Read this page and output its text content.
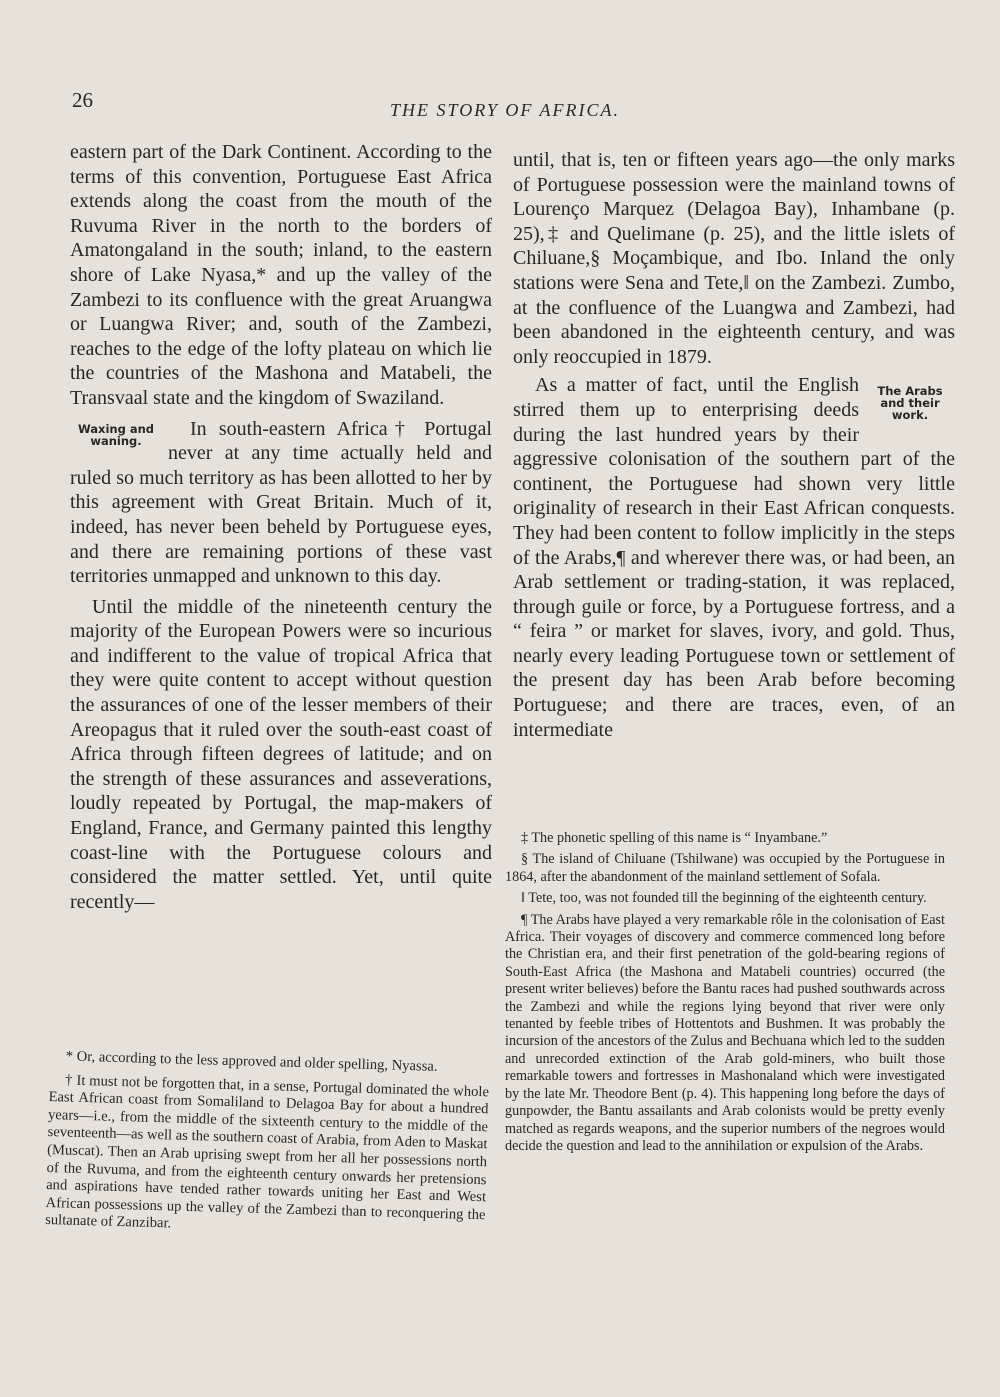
26	THE STORY OF AFRICA.

eastern part of the Dark Continent. According to the terms of this convention, Portuguese East Africa extends along the coast from the mouth of the Ruvuma River in the north to the borders of Amatongaland in the south; inland, to the eastern shore of Lake Nyasa,* and up the valley of the Zambezi to its confluence with the great Aruangwa or Luangwa River; and, south of the Zambezi, reaches to the edge of the lofty plateau on which lie the countries of the Mashona and Matabeli, the Transvaal state and the kingdom of Swaziland.

Waxing and waning.

In south-eastern Africa† Portugal never at any time actually held and ruled so much territory as has been allotted to her by this agreement with Great Britain. Much of it, indeed, has never been beheld by Portuguese eyes, and there are remaining portions of these vast territories unmapped and unknown to this day.

Until the middle of the nineteenth century the majority of the European Powers were so incurious and indifferent to the value of tropical Africa that they were quite content to accept without question the assurances of one of the lesser members of their Areopagus that it ruled over the south-east coast of Africa through fifteen degrees of latitude; and on the strength of these assurances and asseverations, loudly repeated by Portugal, the map-makers of England, France, and Germany painted this lengthy coast-line with the Portuguese colours and considered the matter settled. Yet, until quite recently—

until, that is, ten or fifteen years ago—the only marks of Portuguese possession were the mainland towns of Lourenço Marquez (Delagoa Bay), Inhambane (p. 25),‡ and Quelimane (p. 25), and the little islets of Chiluane,§ Moçambique, and Ibo. Inland the only stations were Sena and Tete,‖ on the Zambezi. Zumbo, at the confluence of the Luangwa and Zambezi, had been abandoned in the eighteenth century, and was only reoccupied in 1879.

The Arabs and their work.

As a matter of fact, until the English stirred them up to enterprising deeds during the last hundred years by their aggressive colonisation of the southern part of the continent, the Portuguese had shown very little originality of research in their East African conquests. They had been content to follow implicitly in the steps of the Arabs,¶ and wherever there was, or had been, an Arab settlement or trading-station, it was replaced, through guile or force, by a Portuguese fortress, and a “ feira ” or market for slaves, ivory, and gold. Thus, nearly every leading Portuguese town or settlement of the present day has been Arab before becoming Portuguese; and there are traces, even, of an intermediate

* Or, according to the less approved and older spelling, Nyassa.

† It must not be forgotten that, in a sense, Portugal dominated the whole East African coast from Somaliland to Delagoa Bay for about a hundred years—i.e., from the middle of the sixteenth century to the middle of the seventeenth—as well as the southern coast of Arabia, from Aden to Maskat (Muscat). Then an Arab uprising swept from her all her possessions north of the Ruvuma, and from the eighteenth century onwards her pretensions and aspirations have tended rather towards uniting her East and West African possessions up the valley of the Zambezi than to reconquering the sultanate of Zanzibar.

‡ The phonetic spelling of this name is “ Inyambane.”

§ The island of Chiluane (Tshilwane) was occupied by the Portuguese in 1864, after the abandonment of the mainland settlement of Sofala.

‖ Tete, too, was not founded till the beginning of the eighteenth century.

¶ The Arabs have played a very remarkable rôle in the colonisation of East Africa. Their voyages of discovery and commerce commenced long before the Christian era, and their first penetration of the gold-bearing regions of South-East Africa (the Mashona and Matabeli countries) occurred (the present writer believes) before the Bantu races had pushed southwards across the Zambezi and while the regions lying beyond that river were only tenanted by feeble tribes of Hottentots and Bushmen. It was probably the incursion of the ancestors of the Zulus and Bechuana which led to the sudden and unrecorded extinction of the Arab gold-miners, who built those remarkable towers and fortresses in Mashonaland which were investigated by the late Mr. Theodore Bent (p. 4). This happening long before the days of gunpowder, the Bantu assailants and Arab colonists would be pretty evenly matched as regards weapons, and the superior numbers of the negroes would decide the question and lead to the annihilation or expulsion of the Arabs.
